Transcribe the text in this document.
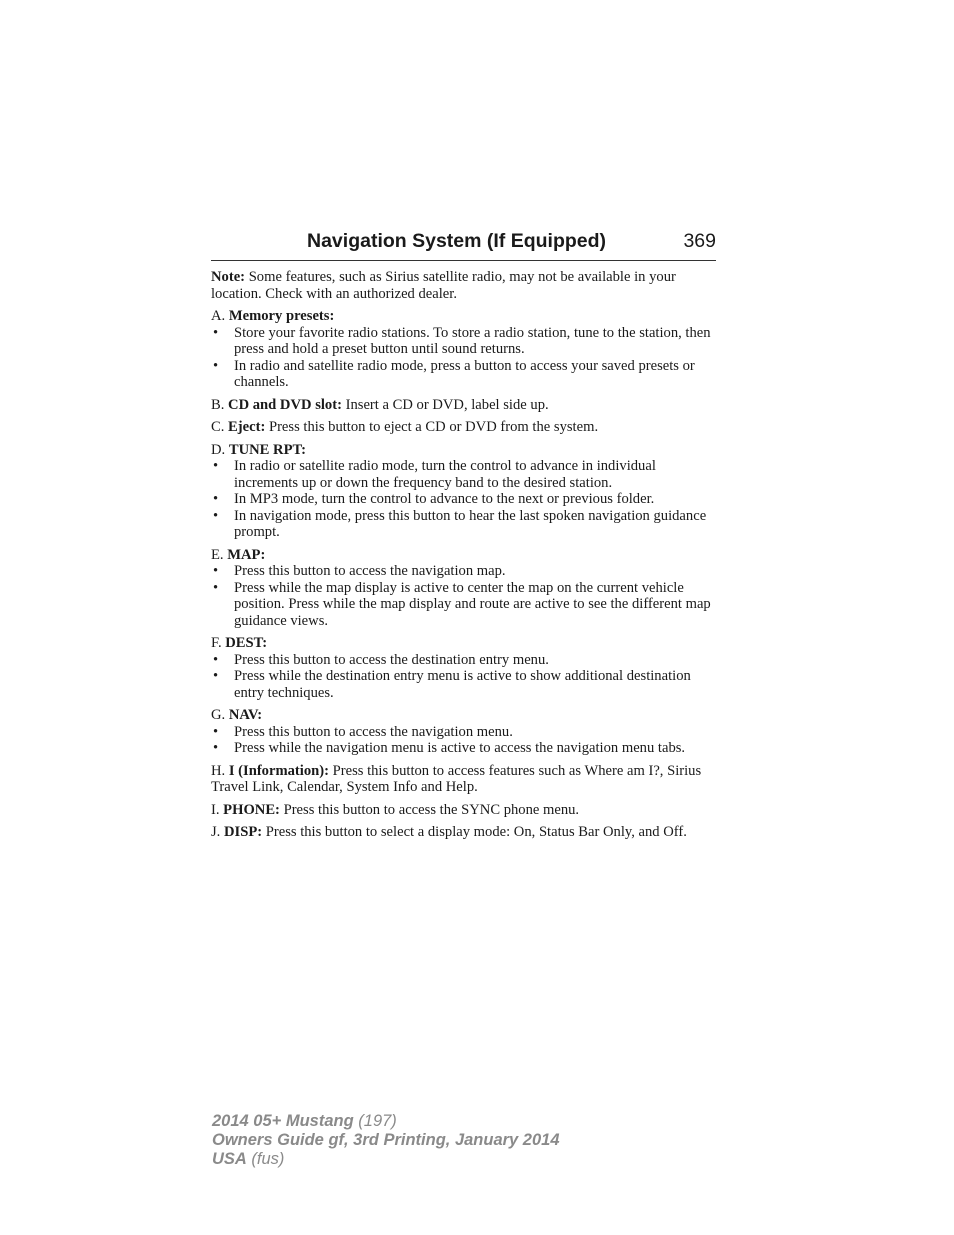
Navigation System (If Equipped)	369

Note: Some features, such as Sirius satellite radio, may not be available in your location. Check with an authorized dealer.

A. Memory presets:

• Store your favorite radio stations. To store a radio station, tune to the station, then press and hold a preset button until sound returns.
• In radio and satellite radio mode, press a button to access your saved presets or channels.

B. CD and DVD slot: Insert a CD or DVD, label side up.

C. Eject: Press this button to eject a CD or DVD from the system.

D. TUNE RPT:

• In radio or satellite radio mode, turn the control to advance in individual increments up or down the frequency band to the desired station.
• In MP3 mode, turn the control to advance to the next or previous folder.
• In navigation mode, press this button to hear the last spoken navigation guidance prompt.

E. MAP:

• Press this button to access the navigation map.
• Press while the map display is active to center the map on the current vehicle position. Press while the map display and route are active to see the different map guidance views.

F. DEST:

• Press this button to access the destination entry menu.
• Press while the destination entry menu is active to show additional destination entry techniques.

G. NAV:

• Press this button to access the navigation menu.
• Press while the navigation menu is active to access the navigation menu tabs.

H. I (Information): Press this button to access features such as Where am I?, Sirius Travel Link, Calendar, System Info and Help.

I. PHONE: Press this button to access the SYNC phone menu.

J. DISP: Press this button to select a display mode: On, Status Bar Only, and Off.

2014 05+ Mustang (197)
Owners Guide gf, 3rd Printing, January 2014
USA (fus)
